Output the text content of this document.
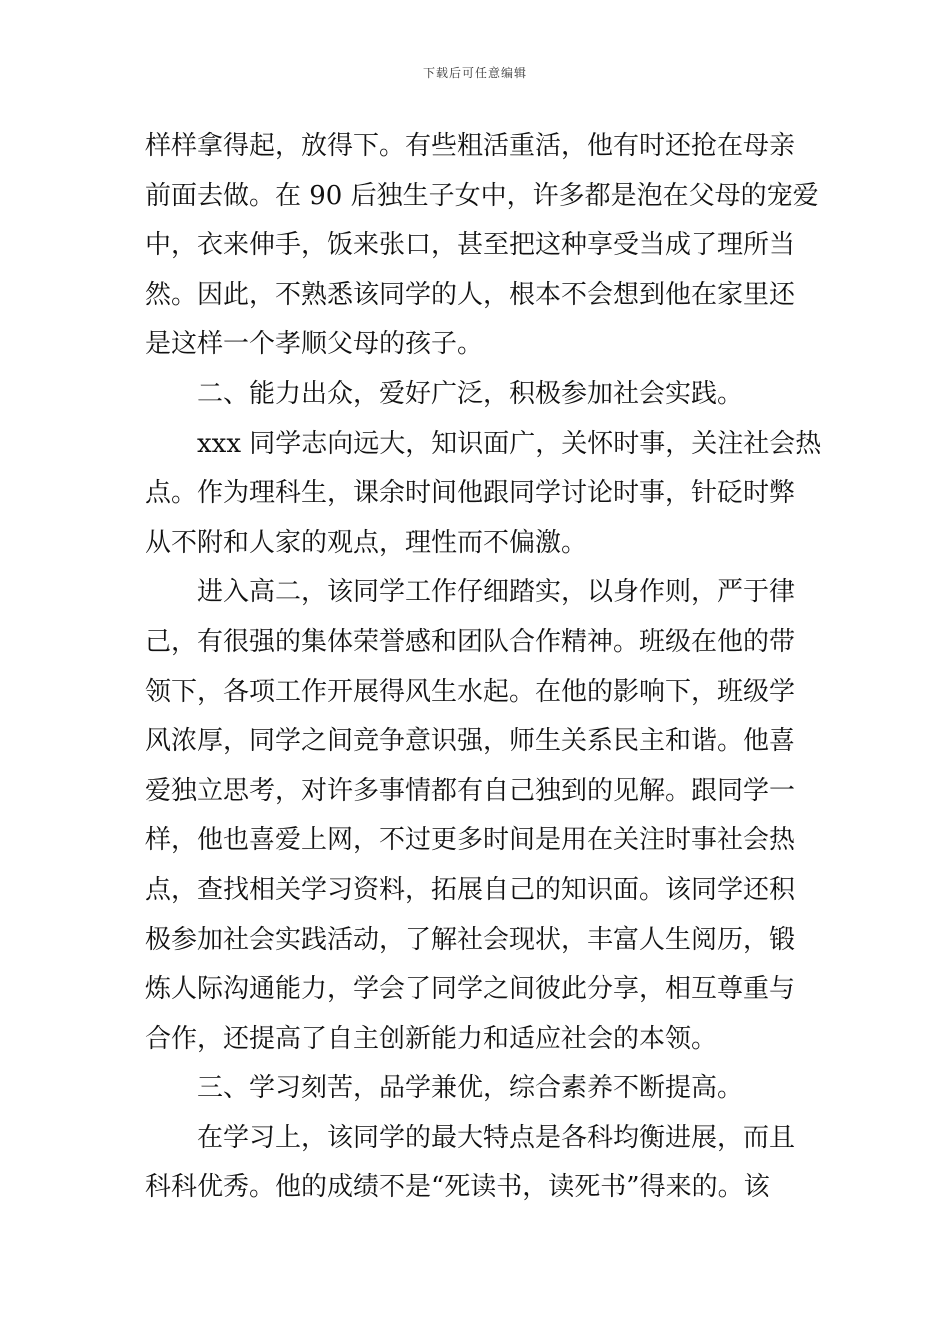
下载后可任意编辑
样样拿得起，放得下。有些粗活重活，他有时还抢在母亲
前面去做。在 90 后独生子女中，许多都是泡在父母的宠爱
中，衣来伸手，饭来张口，甚至把这种享受当成了理所当
然。因此，不熟悉该同学的人，根本不会想到他在家里还
是这样一个孝顺父母的孩子。
二、能力出众，爱好广泛，积极参加社会实践。
xxx 同学志向远大，知识面广，关怀时事，关注社会热
点。作为理科生，课余时间他跟同学讨论时事，针砭时弊
从不附和人家的观点，理性而不偏激。
进入高二，该同学工作仔细踏实，以身作则，严于律
己，有很强的集体荣誉感和团队合作精神。班级在他的带
领下，各项工作开展得风生水起。在他的影响下，班级学
风浓厚，同学之间竞争意识强，师生关系民主和谐。他喜
爱独立思考，对许多事情都有自己独到的见解。跟同学一
样，他也喜爱上网，不过更多时间是用在关注时事社会热
点，查找相关学习资料，拓展自己的知识面。该同学还积
极参加社会实践活动，了解社会现状，丰富人生阅历，锻
炼人际沟通能力，学会了同学之间彼此分享，相互尊重与
合作，还提高了自主创新能力和适应社会的本领。
三、学习刻苦，品学兼优，综合素养不断提高。
在学习上，该同学的最大特点是各科均衡进展，而且
科科优秀。他的成绩不是“死读书，读死书”得来的。该
